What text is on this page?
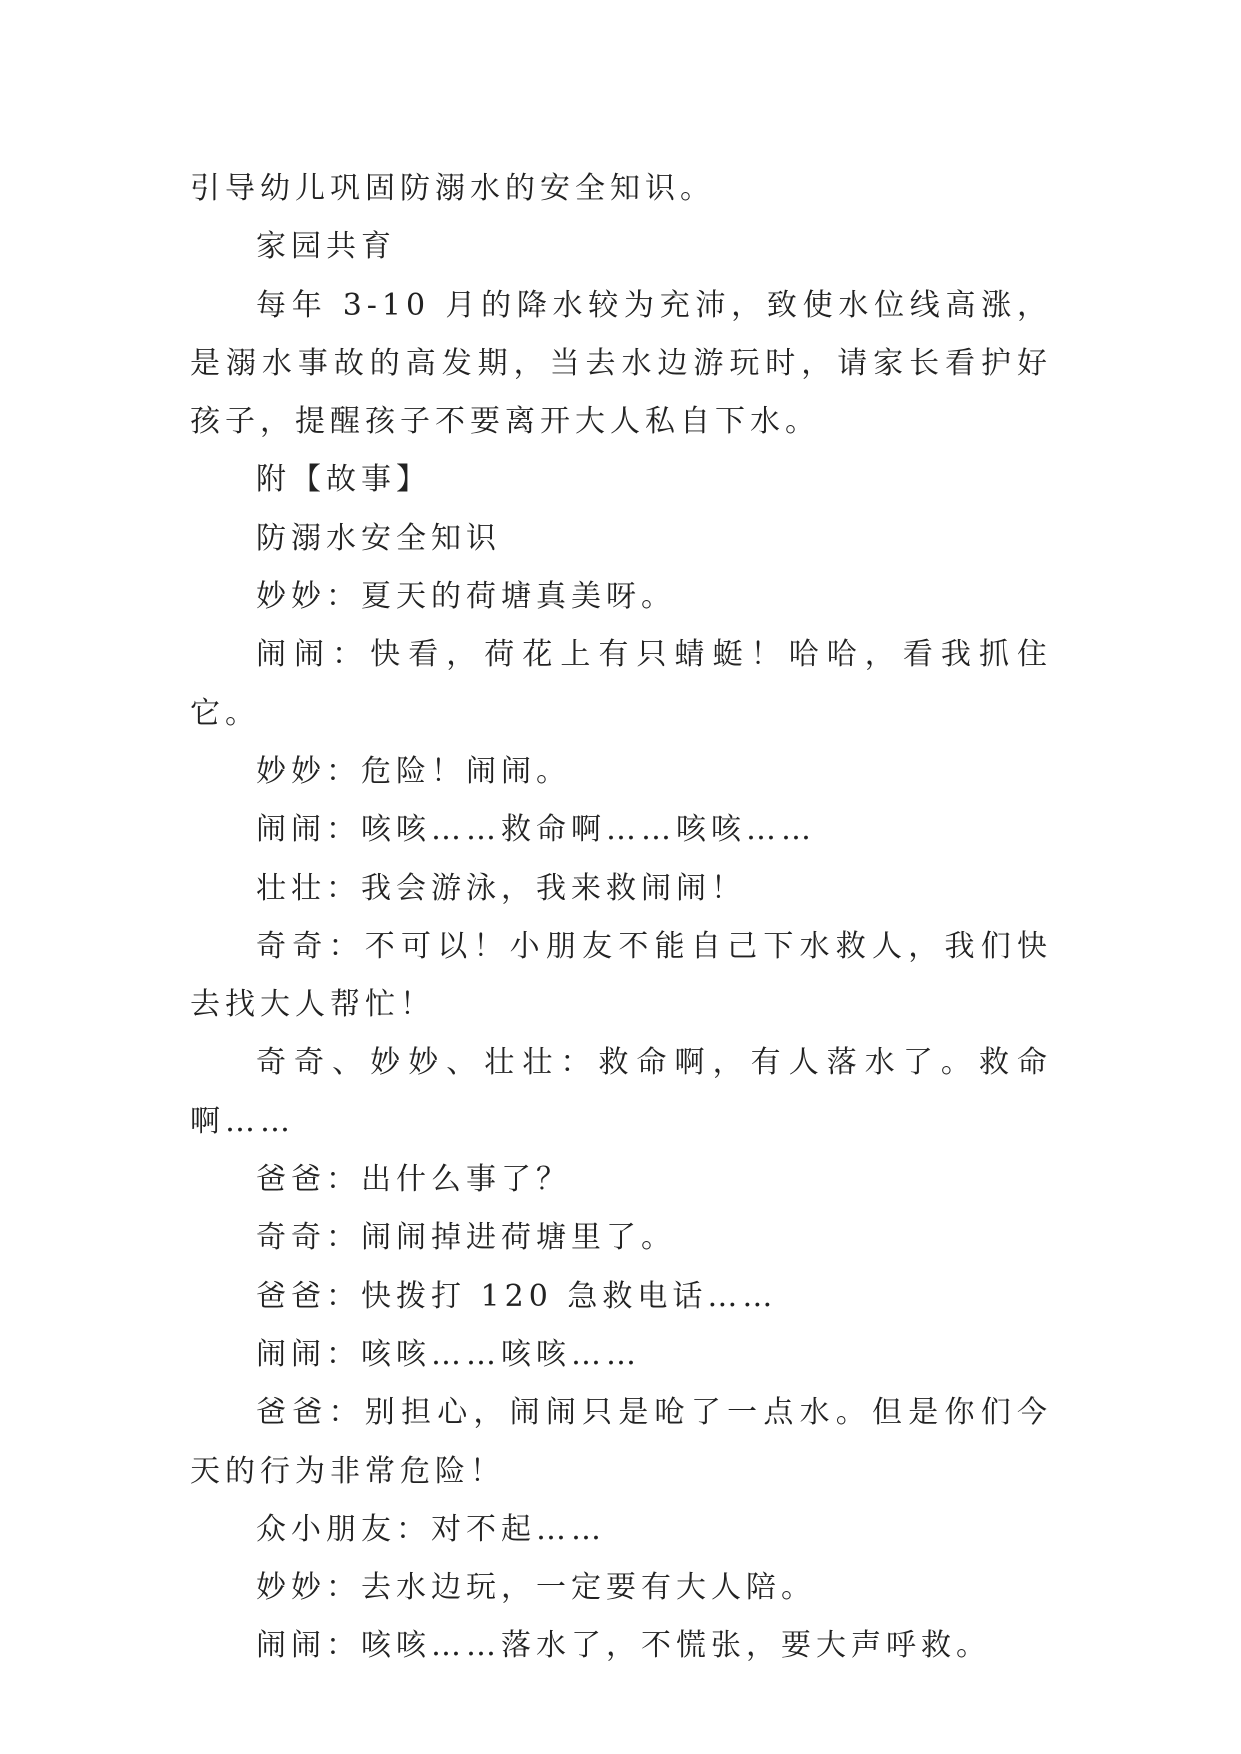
引导幼儿巩固防溺水的安全知识。

家园共育

每年 3-10 月的降水较为充沛，致使水位线高涨，是溺水事故的高发期，当去水边游玩时，请家长看护好孩子，提醒孩子不要离开大人私自下水。

附【故事】

防溺水安全知识

妙妙：夏天的荷塘真美呀。

闹闹：快看，荷花上有只蜻蜓！哈哈，看我抓住它。

妙妙：危险！闹闹。

闹闹：咳咳……救命啊……咳咳……

壮壮：我会游泳，我来救闹闹！

奇奇：不可以！小朋友不能自己下水救人，我们快去找大人帮忙！

奇奇、妙妙、壮壮：救命啊，有人落水了。救命啊……

爸爸：出什么事了？

奇奇：闹闹掉进荷塘里了。

爸爸：快拨打 120 急救电话……

闹闹：咳咳……咳咳……

爸爸：别担心，闹闹只是呛了一点水。但是你们今天的行为非常危险！

众小朋友：对不起……

妙妙：去水边玩，一定要有大人陪。

闹闹：咳咳……落水了，不慌张，要大声呼救。
